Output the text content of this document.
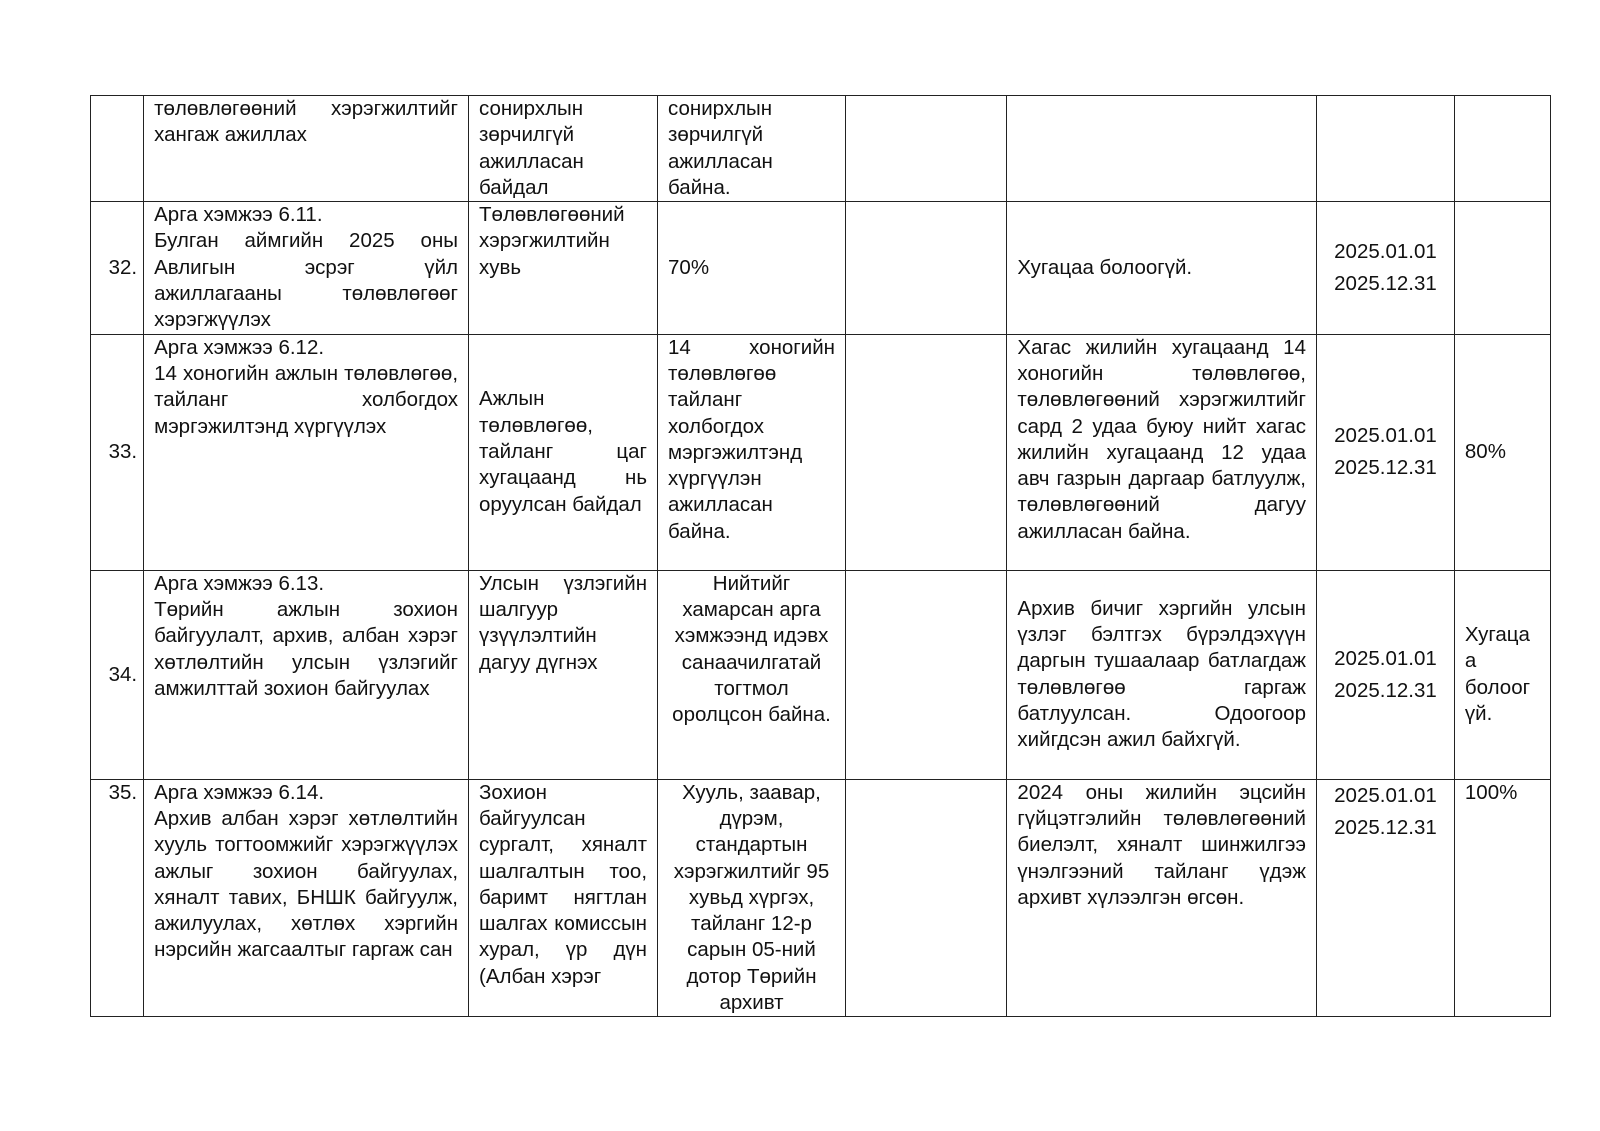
	төлөвлөгөөний хэрэгжилтийг хангаж ажиллах	сонирхлын зөрчилгүй ажилласан байдал	сонирхлын зөрчилгүй ажилласан байна.			

32.	Арга хэмжээ 6.11.
Булган аймгийн 2025 оны Авлигын эсрэг үйл ажиллагааны төлөвлөгөөг хэрэгжүүлэх	Төлөвлөгөөний хэрэгжилтийн хувь	70%		Хугацаа болоогүй.	2025.01.01
2025.12.31	

33.	Арга хэмжээ 6.12.
14 хоногийн ажлын төлөвлөгөө, тайланг холбогдох мэргэжилтэнд хүргүүлэх	Ажлын төлөвлөгөө, тайланг цаг хугацаанд нь оруулсан байдал	14 хоногийн төлөвлөгөө тайланг холбогдох мэргэжилтэнд хүргүүлэн ажилласан байна.		Хагас жилийн хугацаанд 14 хоногийн төлөвлөгөө, төлөвлөгөөний хэрэгжилтийг сард 2 удаа буюу нийт хагас жилийн хугацаанд 12 удаа авч газрын даргаар батлуулж, төлөвлөгөөний дагуу ажилласан байна.	2025.01.01
2025.12.31	80%
34.	Арга хэмжээ 6.13.
Төрийн ажлын зохион байгуулалт, архив, албан хэрэг хөтлөлтийн улсын үзлэгийг амжилттай зохион байгуулах	Улсын үзлэгийн шалгуур үзүүлэлтийн дагуу дүгнэх	Нийтийг хамарсан арга хэмжээнд идэвх санаачилгатай тогтмол оролцсон байна.		Архив бичиг хэргийн улсын үзлэг бэлтгэх бүрэлдэхүүн даргын тушаалаар батлагдаж төлөвлөгөө гаргаж батлуулсан. Одоогоор хийгдсэн ажил байхгүй.	2025.01.01
2025.12.31	Хугацаа болоогүй.
35.	Арга хэмжээ 6.14.
Архив албан хэрэг хөтлөлтийн хууль тогтоомжийг хэрэгжүүлэх ажлыг зохион байгуулах, хяналт тавих, БНШК байгуулж, ажилуулах, хөтлөх хэргийн нэрсийн жагсаалтыг гаргаж сан	Зохион байгуулсан сургалт, хяналт шалгалтын тоо, баримт нягтлан шалгах комиссын хурал, үр дүн (Албан хэрэг	Хууль, заавар, дүрэм, стандартын хэрэгжилтийг 95 хувьд хүргэх, тайланг 12-р сарын 05-ний дотор Төрийн архивт		2024 оны жилийн эцсийн гүйцэтгэлийн төлөвлөгөөний биелэлт, хяналт шинжилгээ үнэлгээний тайланг үдэж архивт хүлээлгэн өгсөн.	2025.01.01
2025.12.31	100%
